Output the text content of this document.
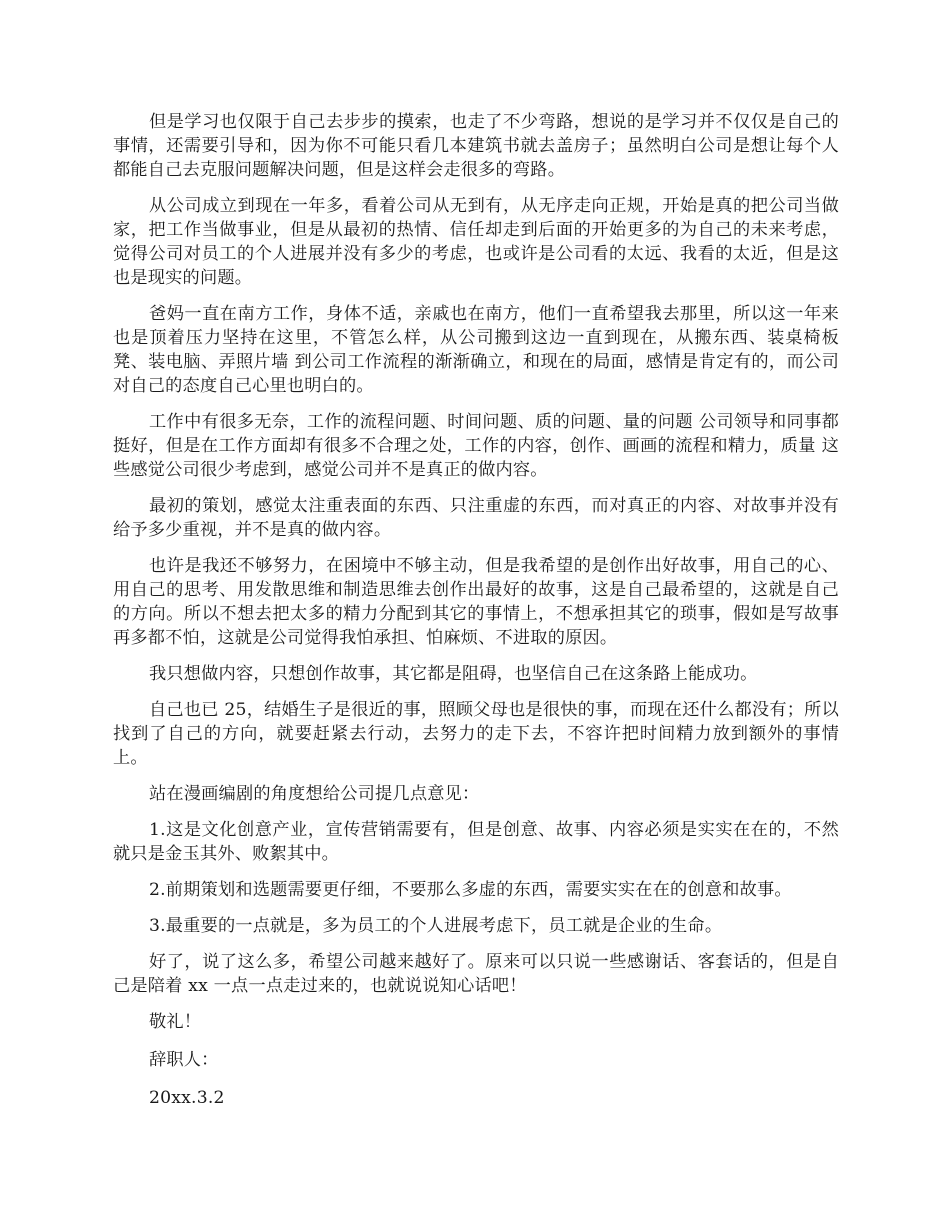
但是学习也仅限于自己去步步的摸索，也走了不少弯路，想说的是学习并不仅仅是自己的事情，还需要引导和，因为你不可能只看几本建筑书就去盖房子；虽然明白公司是想让每个人都能自己去克服问题解决问题，但是这样会走很多的弯路。

从公司成立到现在一年多，看着公司从无到有，从无序走向正规，开始是真的把公司当做家，把工作当做事业，但是从最初的热情、信任却走到后面的开始更多的为自己的未来考虑，觉得公司对员工的个人进展并没有多少的考虑，也或许是公司看的太远、我看的太近，但是这也是现实的问题。

爸妈一直在南方工作，身体不适，亲戚也在南方，他们一直希望我去那里，所以这一年来也是顶着压力坚持在这里，不管怎么样，从公司搬到这边一直到现在，从搬东西、装桌椅板凳、装电脑、弄照片墙 到公司工作流程的渐渐确立，和现在的局面，感情是肯定有的，而公司对自己的态度自己心里也明白的。

工作中有很多无奈，工作的流程问题、时间问题、质的问题、量的问题 公司领导和同事都挺好，但是在工作方面却有很多不合理之处，工作的内容，创作、画画的流程和精力，质量 这些感觉公司很少考虑到，感觉公司并不是真正的做内容。

最初的策划，感觉太注重表面的东西、只注重虚的东西，而对真正的内容、对故事并没有给予多少重视，并不是真的做内容。

也许是我还不够努力，在困境中不够主动，但是我希望的是创作出好故事，用自己的心、用自己的思考、用发散思维和制造思维去创作出最好的故事，这是自己最希望的，这就是自己的方向。所以不想去把太多的精力分配到其它的事情上，不想承担其它的琐事，假如是写故事再多都不怕，这就是公司觉得我怕承担、怕麻烦、不进取的原因。

我只想做内容，只想创作故事，其它都是阻碍，也坚信自己在这条路上能成功。

自己也已 25，结婚生子是很近的事，照顾父母也是很快的事，而现在还什么都没有；所以找到了自己的方向，就要赶紧去行动，去努力的走下去，不容许把时间精力放到额外的事情上。

站在漫画编剧的角度想给公司提几点意见：

1.这是文化创意产业，宣传营销需要有，但是创意、故事、内容必须是实实在在的，不然就只是金玉其外、败絮其中。

2.前期策划和选题需要更仔细，不要那么多虚的东西，需要实实在在的创意和故事。

3.最重要的一点就是，多为员工的个人进展考虑下，员工就是企业的生命。

好了，说了这么多，希望公司越来越好了。原来可以只说一些感谢话、客套话的，但是自己是陪着 xx 一点一点走过来的，也就说说知心话吧！

敬礼！

辞职人：

20xx.3.2
